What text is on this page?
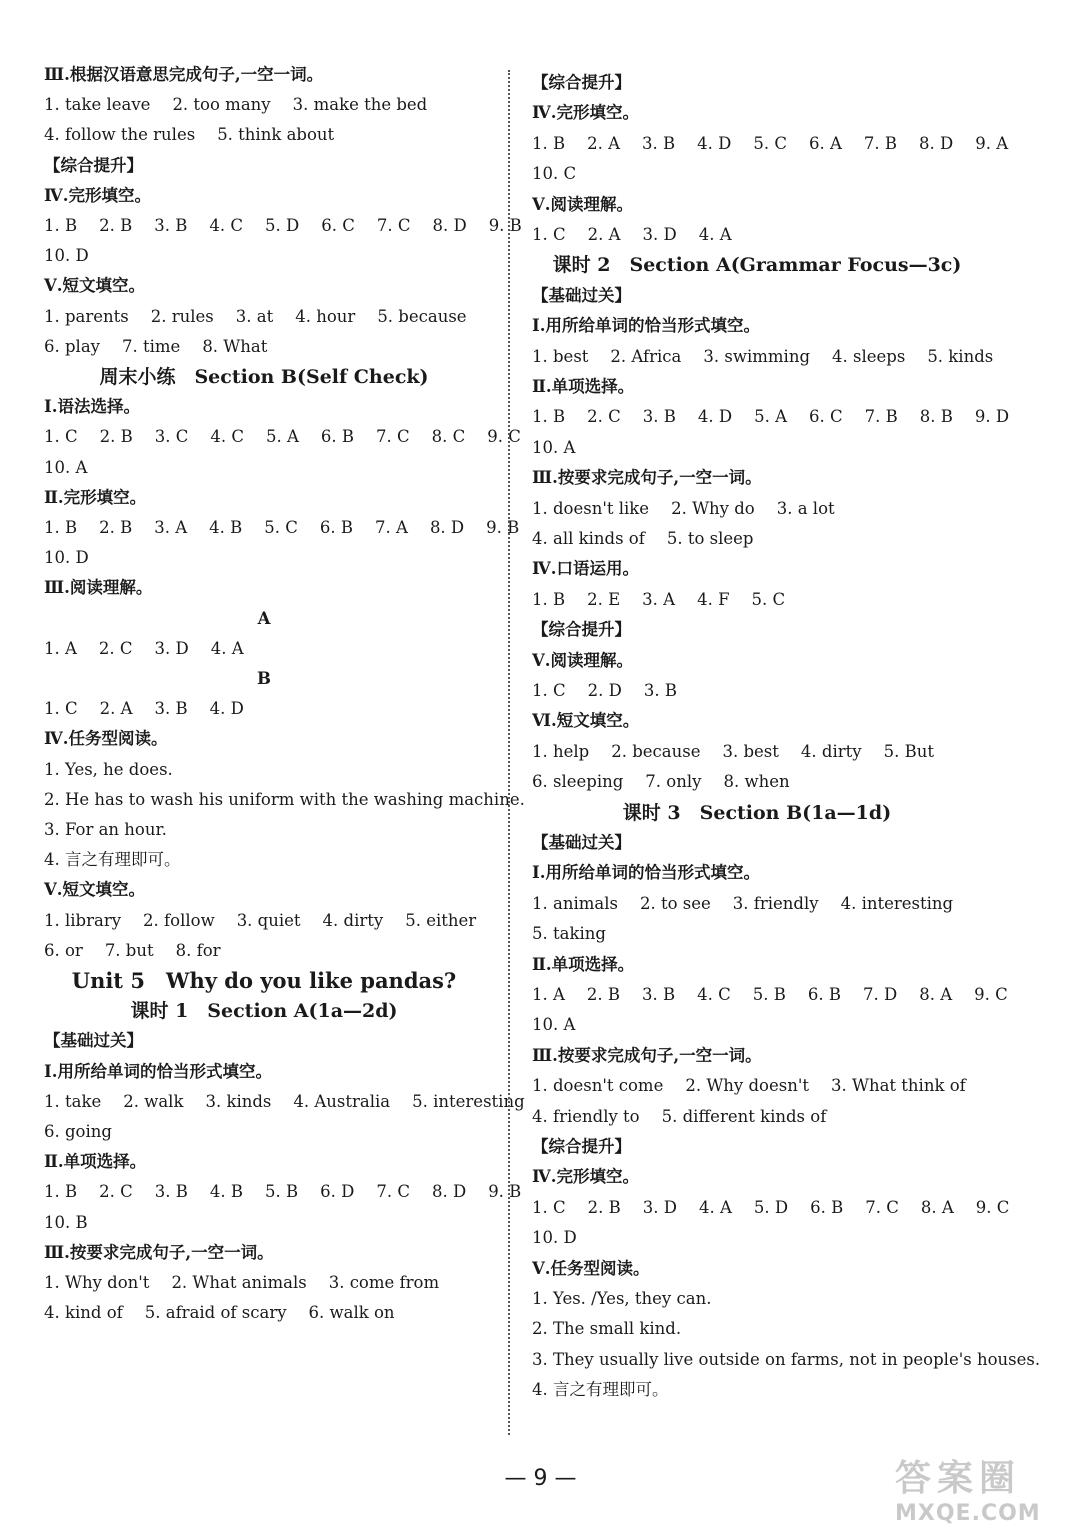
Ⅲ.根据汉语意思完成句子,一空一词。
1. take leave 2. too many 3. make the bed
4. follow the rules 5. think about
【综合提升】
Ⅳ.完形填空。
1. B 2. B 3. B 4. C 5. D 6. C 7. C 8. D 9. B
10. D
Ⅴ.短文填空。
1. parents 2. rules 3. at 4. hour 5. because
6. play 7. time 8. What
周末小练　Section B(Self Check)
Ⅰ.语法选择。
1. C 2. B 3. C 4. C 5. A 6. B 7. C 8. C 9. C
10. A
Ⅱ.完形填空。
1. B 2. B 3. A 4. B 5. C 6. B 7. A 8. D 9. B
10. D
Ⅲ.阅读理解。
A
1. A 2. C 3. D 4. A
B
1. C 2. A 3. B 4. D
Ⅳ.任务型阅读。
1. Yes, he does.
2. He has to wash his uniform with the washing machine.
3. For an hour.
4. 言之有理即可。
Ⅴ.短文填空。
1. library 2. follow 3. quiet 4. dirty 5. either
6. or 7. but 8. for
Unit 5　Why do you like pandas?
课时 1　Section A(1a—2d)
【基础过关】
Ⅰ.用所给单词的恰当形式填空。
1. take 2. walk 3. kinds 4. Australia 5. interesting
6. going
Ⅱ.单项选择。
1. B 2. C 3. B 4. B 5. B 6. D 7. C 8. D 9. B
10. B
Ⅲ.按要求完成句子,一空一词。
1. Why don't 2. What animals 3. come from
4. kind of 5. afraid of scary 6. walk on
【综合提升】
Ⅳ.完形填空。
1. B 2. A 3. B 4. D 5. C 6. A 7. B 8. D 9. A
10. C
Ⅴ.阅读理解。
1. C 2. A 3. D 4. A
课时 2　Section A(Grammar Focus—3c)
【基础过关】
Ⅰ.用所给单词的恰当形式填空。
1. best 2. Africa 3. swimming 4. sleeps 5. kinds
Ⅱ.单项选择。
1. B 2. C 3. B 4. D 5. A 6. C 7. B 8. B 9. D
10. A
Ⅲ.按要求完成句子,一空一词。
1. doesn't like 2. Why do 3. a lot
4. all kinds of 5. to sleep
Ⅳ.口语运用。
1. B 2. E 3. A 4. F 5. C
【综合提升】
Ⅴ.阅读理解。
1. C 2. D 3. B
Ⅵ.短文填空。
1. help 2. because 3. best 4. dirty 5. But
6. sleeping 7. only 8. when
课时 3　Section B(1a—1d)
【基础过关】
Ⅰ.用所给单词的恰当形式填空。
1. animals 2. to see 3. friendly 4. interesting
5. taking
Ⅱ.单项选择。
1. A 2. B 3. B 4. C 5. B 6. B 7. D 8. A 9. C
10. A
Ⅲ.按要求完成句子,一空一词。
1. doesn't come 2. Why doesn't 3. What think of
4. friendly to 5. different kinds of
【综合提升】
Ⅳ.完形填空。
1. C 2. B 3. D 4. A 5. D 6. B 7. C 8. A 9. C
10. D
Ⅴ.任务型阅读。
1. Yes. /Yes, they can.
2. The small kind.
3. They usually live outside on farms, not in people's houses.
4. 言之有理即可。
— 9 —	答案圈
MXQE.COM
